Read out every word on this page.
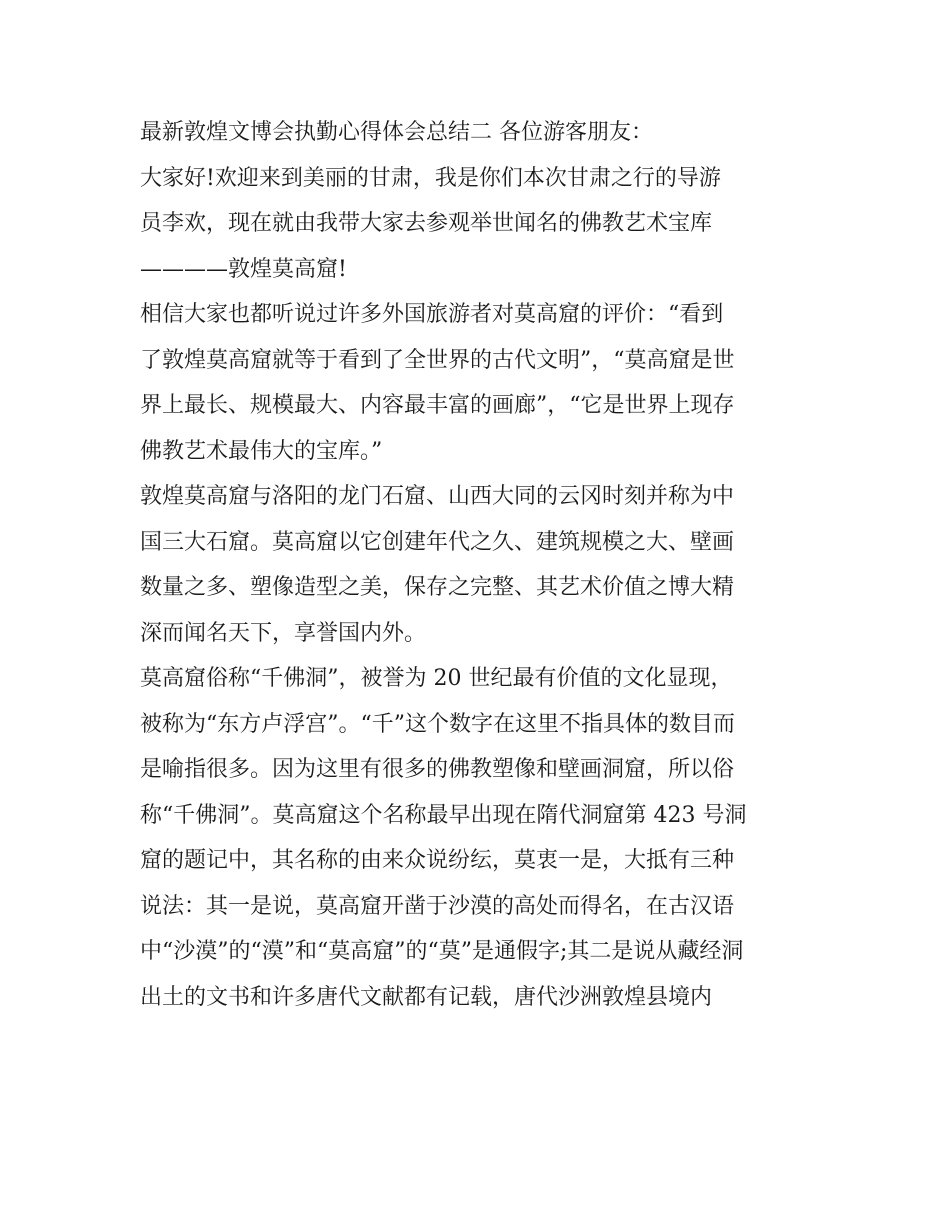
最新敦煌文博会执勤心得体会总结二 各位游客朋友：
大家好!欢迎来到美丽的甘肃，我是你们本次甘肃之行的导游
员李欢，现在就由我带大家去参观举世闻名的佛教艺术宝库
————敦煌莫高窟!
相信大家也都听说过许多外国旅游者对莫高窟的评价：“看到
了敦煌莫高窟就等于看到了全世界的古代文明”，“莫高窟是世
界上最长、规模最大、内容最丰富的画廊”，“它是世界上现存
佛教艺术最伟大的宝库。”
敦煌莫高窟与洛阳的龙门石窟、山西大同的云冈时刻并称为中
国三大石窟。莫高窟以它创建年代之久、建筑规模之大、壁画
数量之多、塑像造型之美，保存之完整、其艺术价值之博大精
深而闻名天下，享誉国内外。
莫高窟俗称“千佛洞”，被誉为 20 世纪最有价值的文化显现，
被称为“东方卢浮宫”。“千”这个数字在这里不指具体的数目而
是喻指很多。因为这里有很多的佛教塑像和壁画洞窟，所以俗
称“千佛洞”。莫高窟这个名称最早出现在隋代洞窟第 423 号洞
窟的题记中，其名称的由来众说纷纭，莫衷一是，大抵有三种
说法：其一是说，莫高窟开凿于沙漠的高处而得名，在古汉语
中“沙漠”的“漠”和“莫高窟”的“莫”是通假字;其二是说从藏经洞
出土的文书和许多唐代文献都有记载，唐代沙洲敦煌县境内
